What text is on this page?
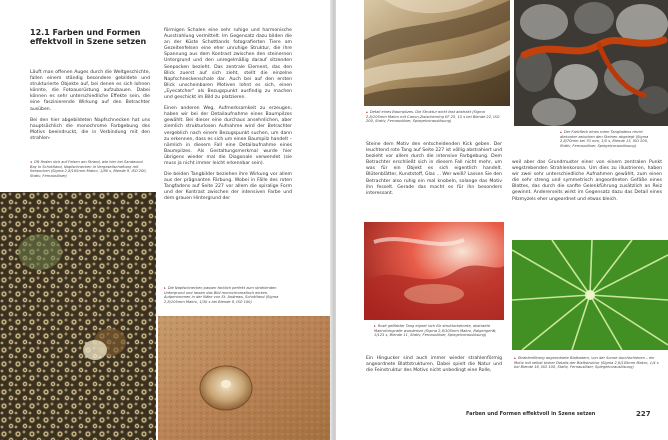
12.1 Farben und Formen effektvoll in Szene setzen

Läuft man offenen Auges durch die Weltgeschichte, fallen einem ständig besondere gebildete und strukturierte Objekte auf, bei denen es sich lohnen könnte, die Fotoausrüstung aufzubauen. Dabei können es sehr unterschiedliche Effekte sein, die eine faszinierende Wirkung auf den Betrachter ausüben.

Bei den hier abgebildeten Napfschnecken hat uns hauptsächlich die monochrome Farbgebung des Motivs beeindruckt, die in Verbindung mit den strahlen-

◂ Oft finden sich auf Felsen am Strand, wie hier bei Sandwood Bay in Schottland, Napfschnecken in Vergesellschaftung mit Seepocken (Sigma 2,8/105mm Makro, 1/80 s, Blende 9, ISO 200, Stativ, Fernauslöser)

förmigen Schalen eine sehr ruhige und harmonische Ausstrahlung vermittelt. Im Gegensatz dazu bilden die an der Küste Schottlands fotografierten Tiere am Gezeitenfelsen eine eher unruhige Struktur, die ihre Spannung aus dem Kontrast zwischen den steinernen Untergrund und den unregelmäßig darauf sitzenden Seepocken bezieht. Das zentrale Element, das den Blick zuerst auf sich zieht, stellt die einzelne Napfschneckenschale dar. Auch bei auf den ersten Blick unscheinbaren Motiven lohnt es sich, einen „Eyecatcher“ als Bezugspunkt ausfindig zu machen und geschickt im Bild zu platzieren.

Einen anderen Weg, Aufmerksamkeit zu erzeugen, haben wir bei der Detailaufnahme eines Baumpilzes gewählt. Bei dieser eine durchaus ansehnlichen, aber ziemlich strukturlosen Aufnahme wird der Betrachter vergeblich nach einem Bezugspunkt suchen, um dann zu erkennen, dass es sich um einen Baumpilz handelt – nämlich in diesem Fall eine Detailaufnahme eines Baumpilzes. Als Gestaltungsmerkmal wurde hier übrigens wieder mal die Diagonale verwendet (sie muss ja nicht immer leicht erkennbar sein).

Die beiden Tangbilder beziehen ihre Wirkung vor allem aus der prägnanten Färbung. Wobei in Fälle des roten Tangfadens auf Seite 227 vor allem die spiralige Form und der Kontrast zwischen der intensiven Farbe und dem grauen Hintergrund der

▸ Die Napfschnecken passen farblich perfekt zum strahlenden Untergrund und lassen das Bild monochromatisch wirken. Aufgenommen in der Nähe von St. Andrews, Schottland (Sigma 2,8/105mm Makro, 1/30 s bei Blende 8, ISO 100)
▴ Detail eines Baumpilzes. Die Struktur wirkt fast abstrakt (Sigma 2,8/105mm Makro mit Canon-Zwischenring EF 25, 15 s bei Blende 22, ISO 200, Stativ, Fernauslöser, Spiegelvorauslösung)
▴ Der Farbfleck eines roten Tangfadens reicht diekonter zwischen den Steinen abgelegt (Sigma 2,8/70mm bei 70 mm, 1/5 s, Blende 13, ISO 200, Stativ, Fernauslöser, Spiegelvorauslösung)

Steine dem Motiv den entscheidenden Kick geben. Der leuchtend rote Tang auf Seite 227 ist völlig abstrahiert und bezieht vor allem durch die intensive Farbgebung. Dem Betrachter erschließt sich in diesem Fall nicht mehr, um was für ein Objekt es sich eigentlich handelt. Blütenblätter, Kunststoff, Glas ... Wer weiß? Lassen Sie den Betrachter also ruhig ein mal knobeln, solange das Motiv ihn fesselt. Gerade das macht es für ihn besonders interessant.

weil aber das Grundmuster einer von einem zentralen Punkt wegstrebenden Strahlenkorona. Um dies zu illustrieren, haben wir zwei sehr unterschiedliche Aufnahmen gewählt, zum einen die sehr streng und symmetrisch angeordneten Gefäße eines Blattes, das durch die sanfte Gelenkführung zusätzlich an Reiz gewinnt. Andererseits wirkt im Gegensatz dazu das Detail eines Pilzmyzels eher ungeordnet und etwas bleich.

▸ Rosé gefärbter Tang eignet sich für strukturbetonte, abstrakte Makrofotografie wunderbar (Sigma 2,8/105mm Makro, Balgengerät, 1/125 s, Blende 11, Stativ, Fernauslöser, Spiegelvorauslösung)

Ein Hingucker sind auch immer wieder strahlenförmig angeordnete Blattstrukturen. Dabei spielt die Natur und die Feinstruktur des Motivs nicht unbedingt eine Rolle,

▴ Strahlenförmig angeordnete Blattadern, von der Sonne durchschienen – ein Motiv mit selbst bisher Details der Blattstruktur (Sigma 2,8/105mm Makro, 1/4 s bei Blende 16, ISO 100, Stativ, Fernauslöser, Spiegelvorauslösung)
Farben und Formen effektvoll in Szene setzen	227
